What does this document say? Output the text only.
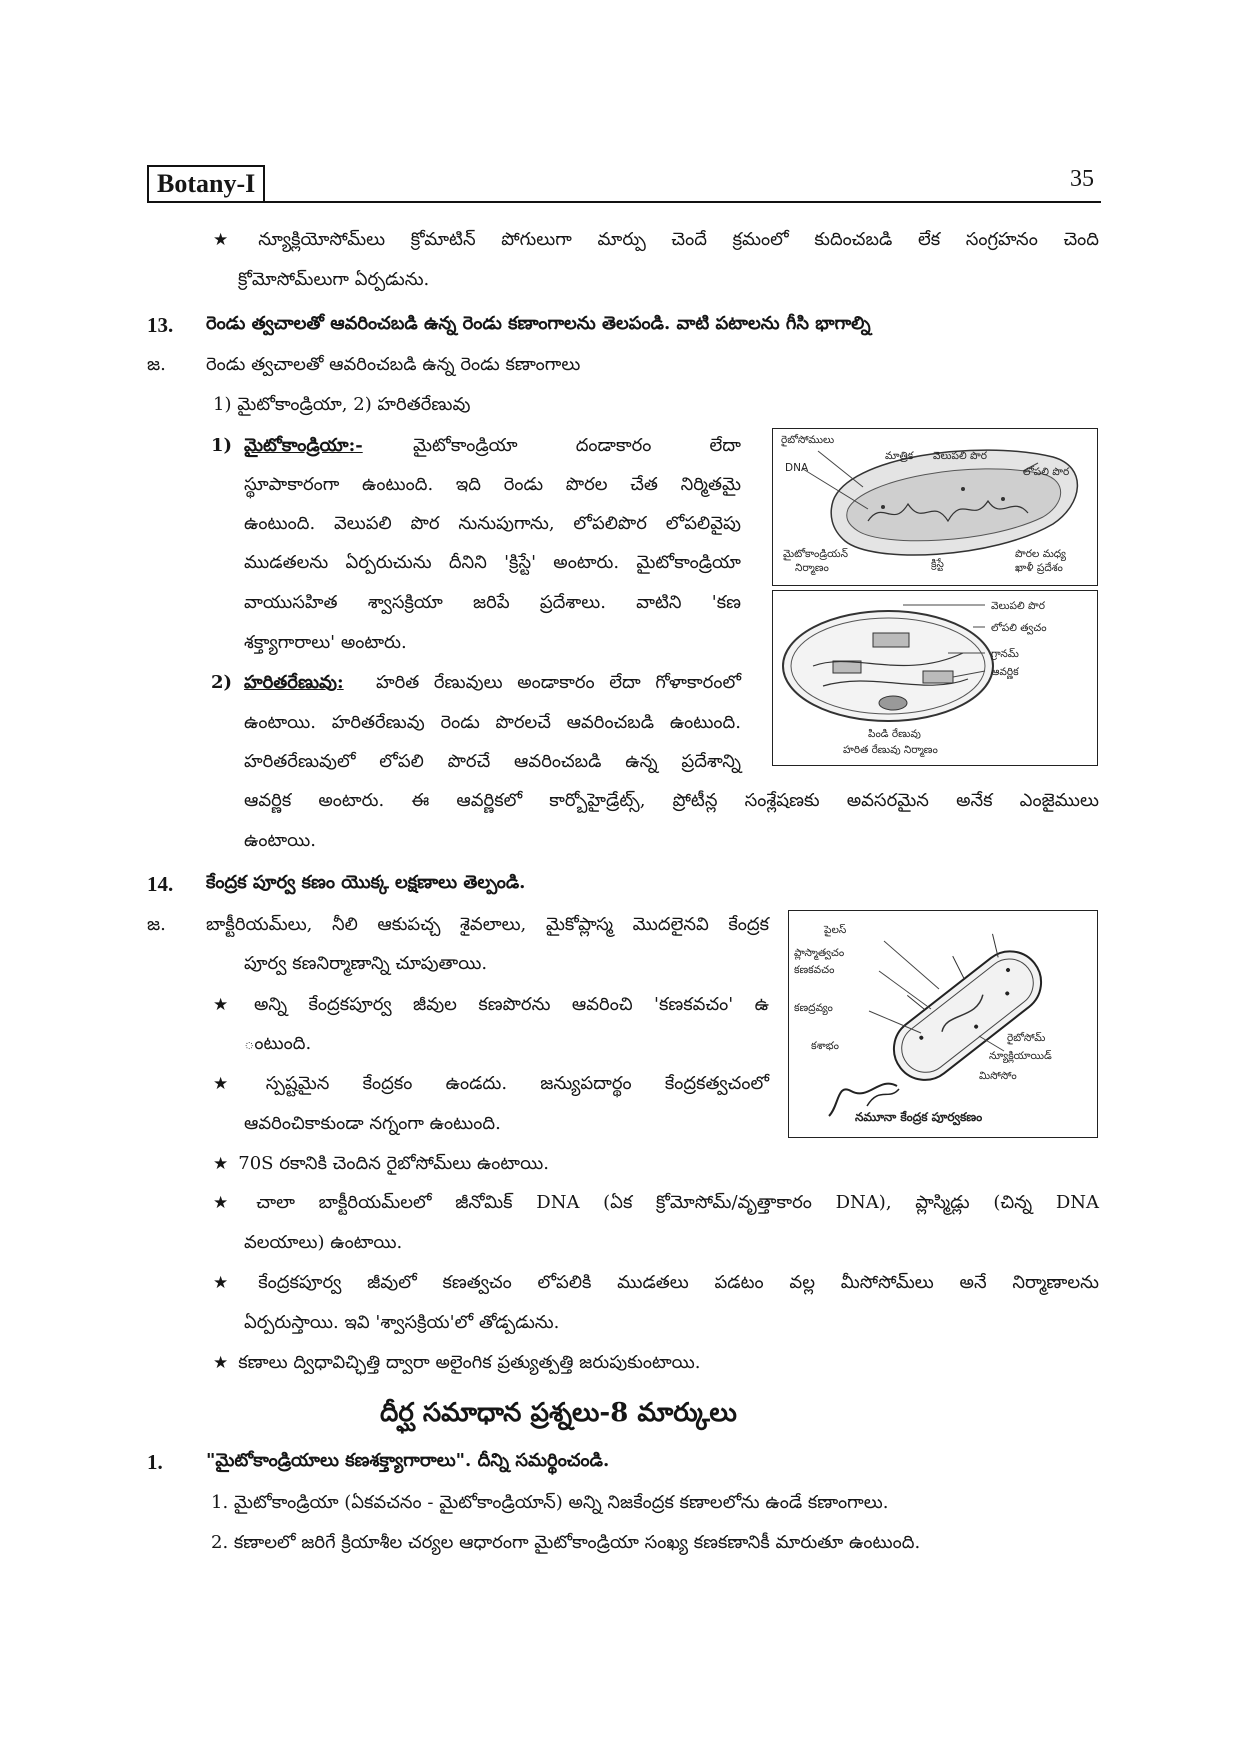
Botany-I	35
★ న్యూక్లియోసోమ్‌లు క్రోమాటిన్ పోగులుగా మార్పు చెందే క్రమంలో కుదించబడి లేక సంగ్రహనం చెంది
క్రోమోసోమ్‌లుగా ఏర్పడును.
13. రెండు త్వచాలతో ఆవరించబడి ఉన్న రెండు కణాంగాలను తెలపండి. వాటి పటాలను గీసి భాగాల్ని
జ. రెండు త్వచాలతో ఆవరించబడి ఉన్న రెండు కణాంగాలు
1) మైటోకాండ్రియా, 2) హరితరేణువు
1) మైటోకాండ్రియా:-	మైటోకాండ్రియా దండాకారం లేదా
స్థూపాకారంగా ఉంటుంది. ఇది రెండు పొరల చేత నిర్మితమై
ఉంటుంది. వెలుపలి పొర నునుపుగాను, లోపలిపొర లోపలివైపు
ముడతలను ఏర్పరుచును దీనిని 'క్రిస్టే' అంటారు. మైటోకాండ్రియా
వాయుసహిత శ్వాసక్రియా జరిపే ప్రదేశాలు. వాటిని 'కణ
శక్త్యాగారాలు' అంటారు.
2) హరితరేణువు: హరిత రేణువులు అండాకారం లేదా గోళాకారంలో
ఉంటాయి. హరితరేణువు రెండు పొరలచే ఆవరించబడి ఉంటుంది.
హరితరేణువులో లోపలి పొరచే ఆవరించబడి ఉన్న ప్రదేశాన్ని
ఆవర్ణిక అంటారు. ఈ ఆవర్ణికలో కార్బోహైడ్రేట్స్, ప్రోటీన్ల సంశ్లేషణకు అవసరమైన అనేక ఎంజైములు
ఉంటాయి.
రైబోసోములు
DNA
మాత్రిక వెలుపలి పొర
లోపలి పొర
మైటోకాండ్రియన్
నిర్మాణం	క్రిస్టే
పొరల మధ్య
ఖాళీ ప్రదేశం
వెలుపలి పొర
లోపలి త్వచం
గ్రానమ్
ఆవర్ణిక
పిండి రేణువు
హరిత రేణువు నిర్మాణం
14. కేంద్రక పూర్వ కణం యొక్క లక్షణాలు తెల్పండి.
జ. బాక్టీరియమ్‌లు, నీలి ఆకుపచ్చ శైవలాలు, మైకోప్లాస్మ మొదలైనవి కేంద్రక
పూర్వ కణనిర్మాణాన్ని చూపుతాయి.
★ అన్ని కేంద్రకపూర్వ జీవుల కణపొరను ఆవరించి 'కణకవచం' ఉ
ంటుంది.
★ స్పష్టమైన కేంద్రకం ఉండదు. జన్యుపదార్థం కేంద్రకత్వచంలో
ఆవరించికాకుండా నగ్నంగా ఉంటుంది.
★ 70S రకానికి చెందిన రైబోసోమ్‌లు ఉంటాయి.
★ చాలా బాక్టీరియమ్‌లలో జీనోమిక్ DNA (ఏక క్రోమోసోమ్/వృత్తాకారం DNA), ప్లాస్మిడ్లు (చిన్న DNA
వలయాలు) ఉంటాయి.
★ కేంద్రకపూర్వ జీవులో కణత్వచం లోపలికి ముడతలు పడటం వల్ల మీసోసోమ్‌లు అనే నిర్మాణాలను
ఏర్పరుస్తాయి. ఇవి 'శ్వాసక్రియ'లో తోడ్పడును.
★ కణాలు ద్విధావిచ్ఛిత్తి ద్వారా అలైంగిక ప్రత్యుత్పత్తి జరుపుకుంటాయి.
పైలస్
ప్లాస్మాత్వచం
కణకవచం
కణద్రవ్యం
కశాభం
రైబోసోమ్
న్యూక్లియాయిడ్
మిసోసోం
నమూనా కేంద్రక పూర్వకణం
దీర్ఘ సమాధాన ప్రశ్నలు-8 మార్కులు
1. "మైటోకాండ్రియాలు కణశక్త్యాగారాలు". దీన్ని సమర్థించండి.
1. మైటోకాండ్రియా (ఏకవచనం - మైటోకాండ్రియాన్) అన్ని నిజకేంద్రక కణాలలోను ఉండే కణాంగాలు.
2. కణాలలో జరిగే క్రియాశీల చర్యల ఆధారంగా మైటోకాండ్రియా సంఖ్య కణకణానికీ మారుతూ ఉంటుంది.
